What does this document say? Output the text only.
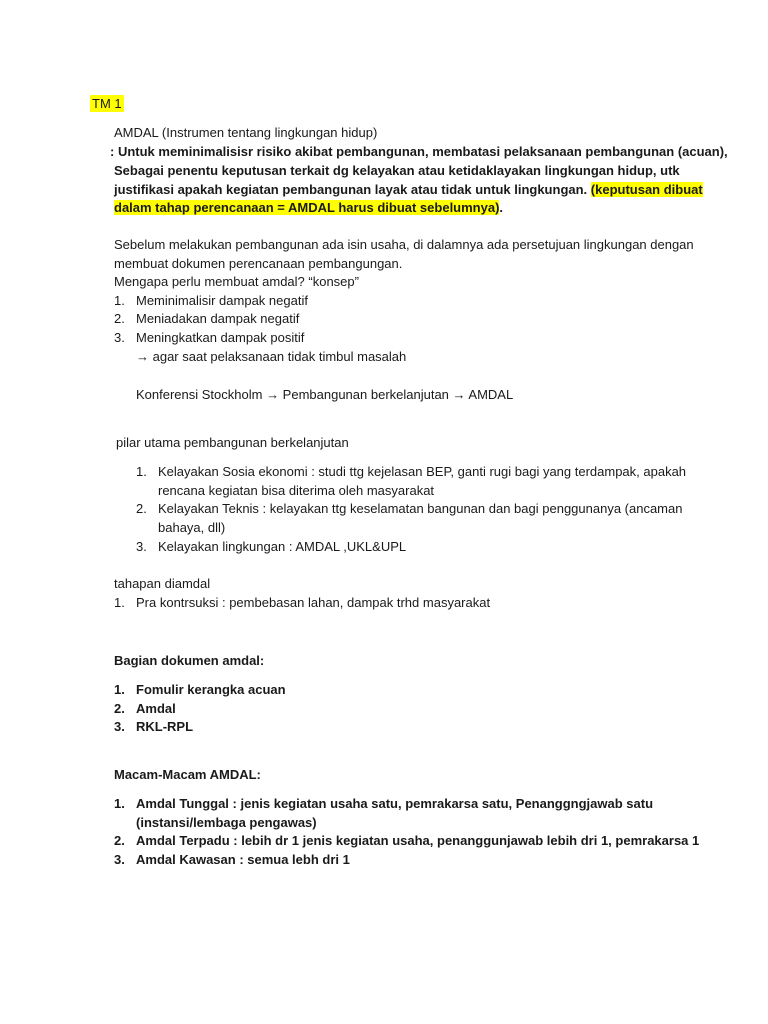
TM 1
AMDAL (Instrumen tentang lingkungan hidup)
: Untuk meminimalisisr risiko akibat pembangunan, membatasi pelaksanaan pembangunan (acuan),
Sebagai penentu keputusan terkait dg kelayakan atau ketidaklayakan lingkungan hidup, utk
justifikasi apakah kegiatan pembangunan layak atau tidak untuk lingkungan. (keputusan dibuat
dalam tahap perencanaan = AMDAL harus dibuat sebelumnya).
Sebelum melakukan pembangunan ada isin usaha, di dalamnya ada persetujuan lingkungan dengan
membuat dokumen perencanaan pembangungan.
Mengapa perlu membuat amdal? “konsep”
1. Meminimalisir dampak negatif
2. Meniadakan dampak negatif
3. Meningkatkan dampak positif
→ agar saat pelaksanaan tidak timbul masalah
Konferensi Stockholm → Pembangunan berkelanjutan → AMDAL
pilar utama pembangunan berkelanjutan
1. Kelayakan Sosia ekonomi : studi ttg kejelasan BEP, ganti rugi bagi yang terdampak, apakah
rencana kegiatan bisa diterima oleh masyarakat
2. Kelayakan Teknis : kelayakan ttg keselamatan bangunan dan bagi penggunanya (ancaman
bahaya, dll)
3. Kelayakan lingkungan : AMDAL ,UKL&UPL
tahapan diamdal
1. Pra kontrsuksi : pembebasan lahan, dampak trhd masyarakat
Bagian dokumen amdal:
1. Fomulir kerangka acuan
2. Amdal
3. RKL-RPL
Macam-Macam AMDAL:
1. Amdal Tunggal : jenis kegiatan usaha satu, pemrakarsa satu, Penanggngjawab satu
(instansi/lembaga pengawas)
2. Amdal Terpadu : lebih dr 1 jenis kegiatan usaha, penanggunjawab lebih dri 1, pemrakarsa 1
3. Amdal Kawasan : semua lebh dri 1
